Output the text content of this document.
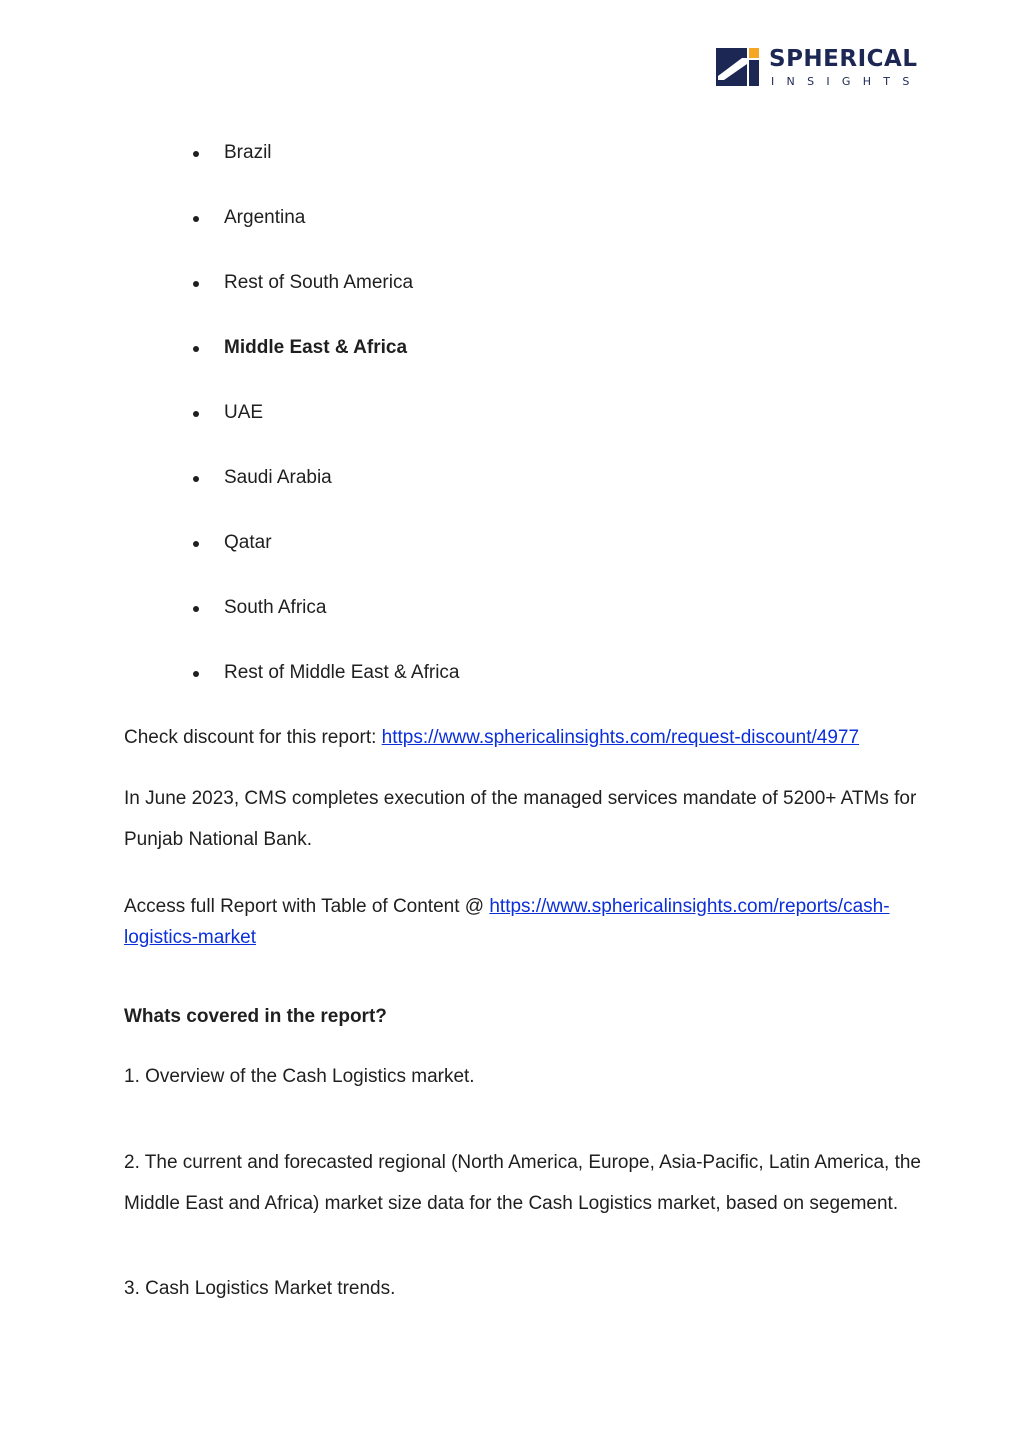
SPHERICAL
INSIGHTS
Brazil
Argentina
Rest of South America
Middle East & Africa
UAE
Saudi Arabia
Qatar
South Africa
Rest of Middle East & Africa
Check discount for this report: https://www.sphericalinsights.com/request-discount/4977
In June 2023, CMS completes execution of the managed services mandate of 5200+ ATMs for
Punjab National Bank.
Access full Report with Table of Content @ https://www.sphericalinsights.com/reports/cash-
logistics-market
Whats covered in the report?
1. Overview of the Cash Logistics market.
2. The current and forecasted regional (North America, Europe, Asia-Pacific, Latin America, the
Middle East and Africa) market size data for the Cash Logistics market, based on segement.
3. Cash Logistics Market trends.
